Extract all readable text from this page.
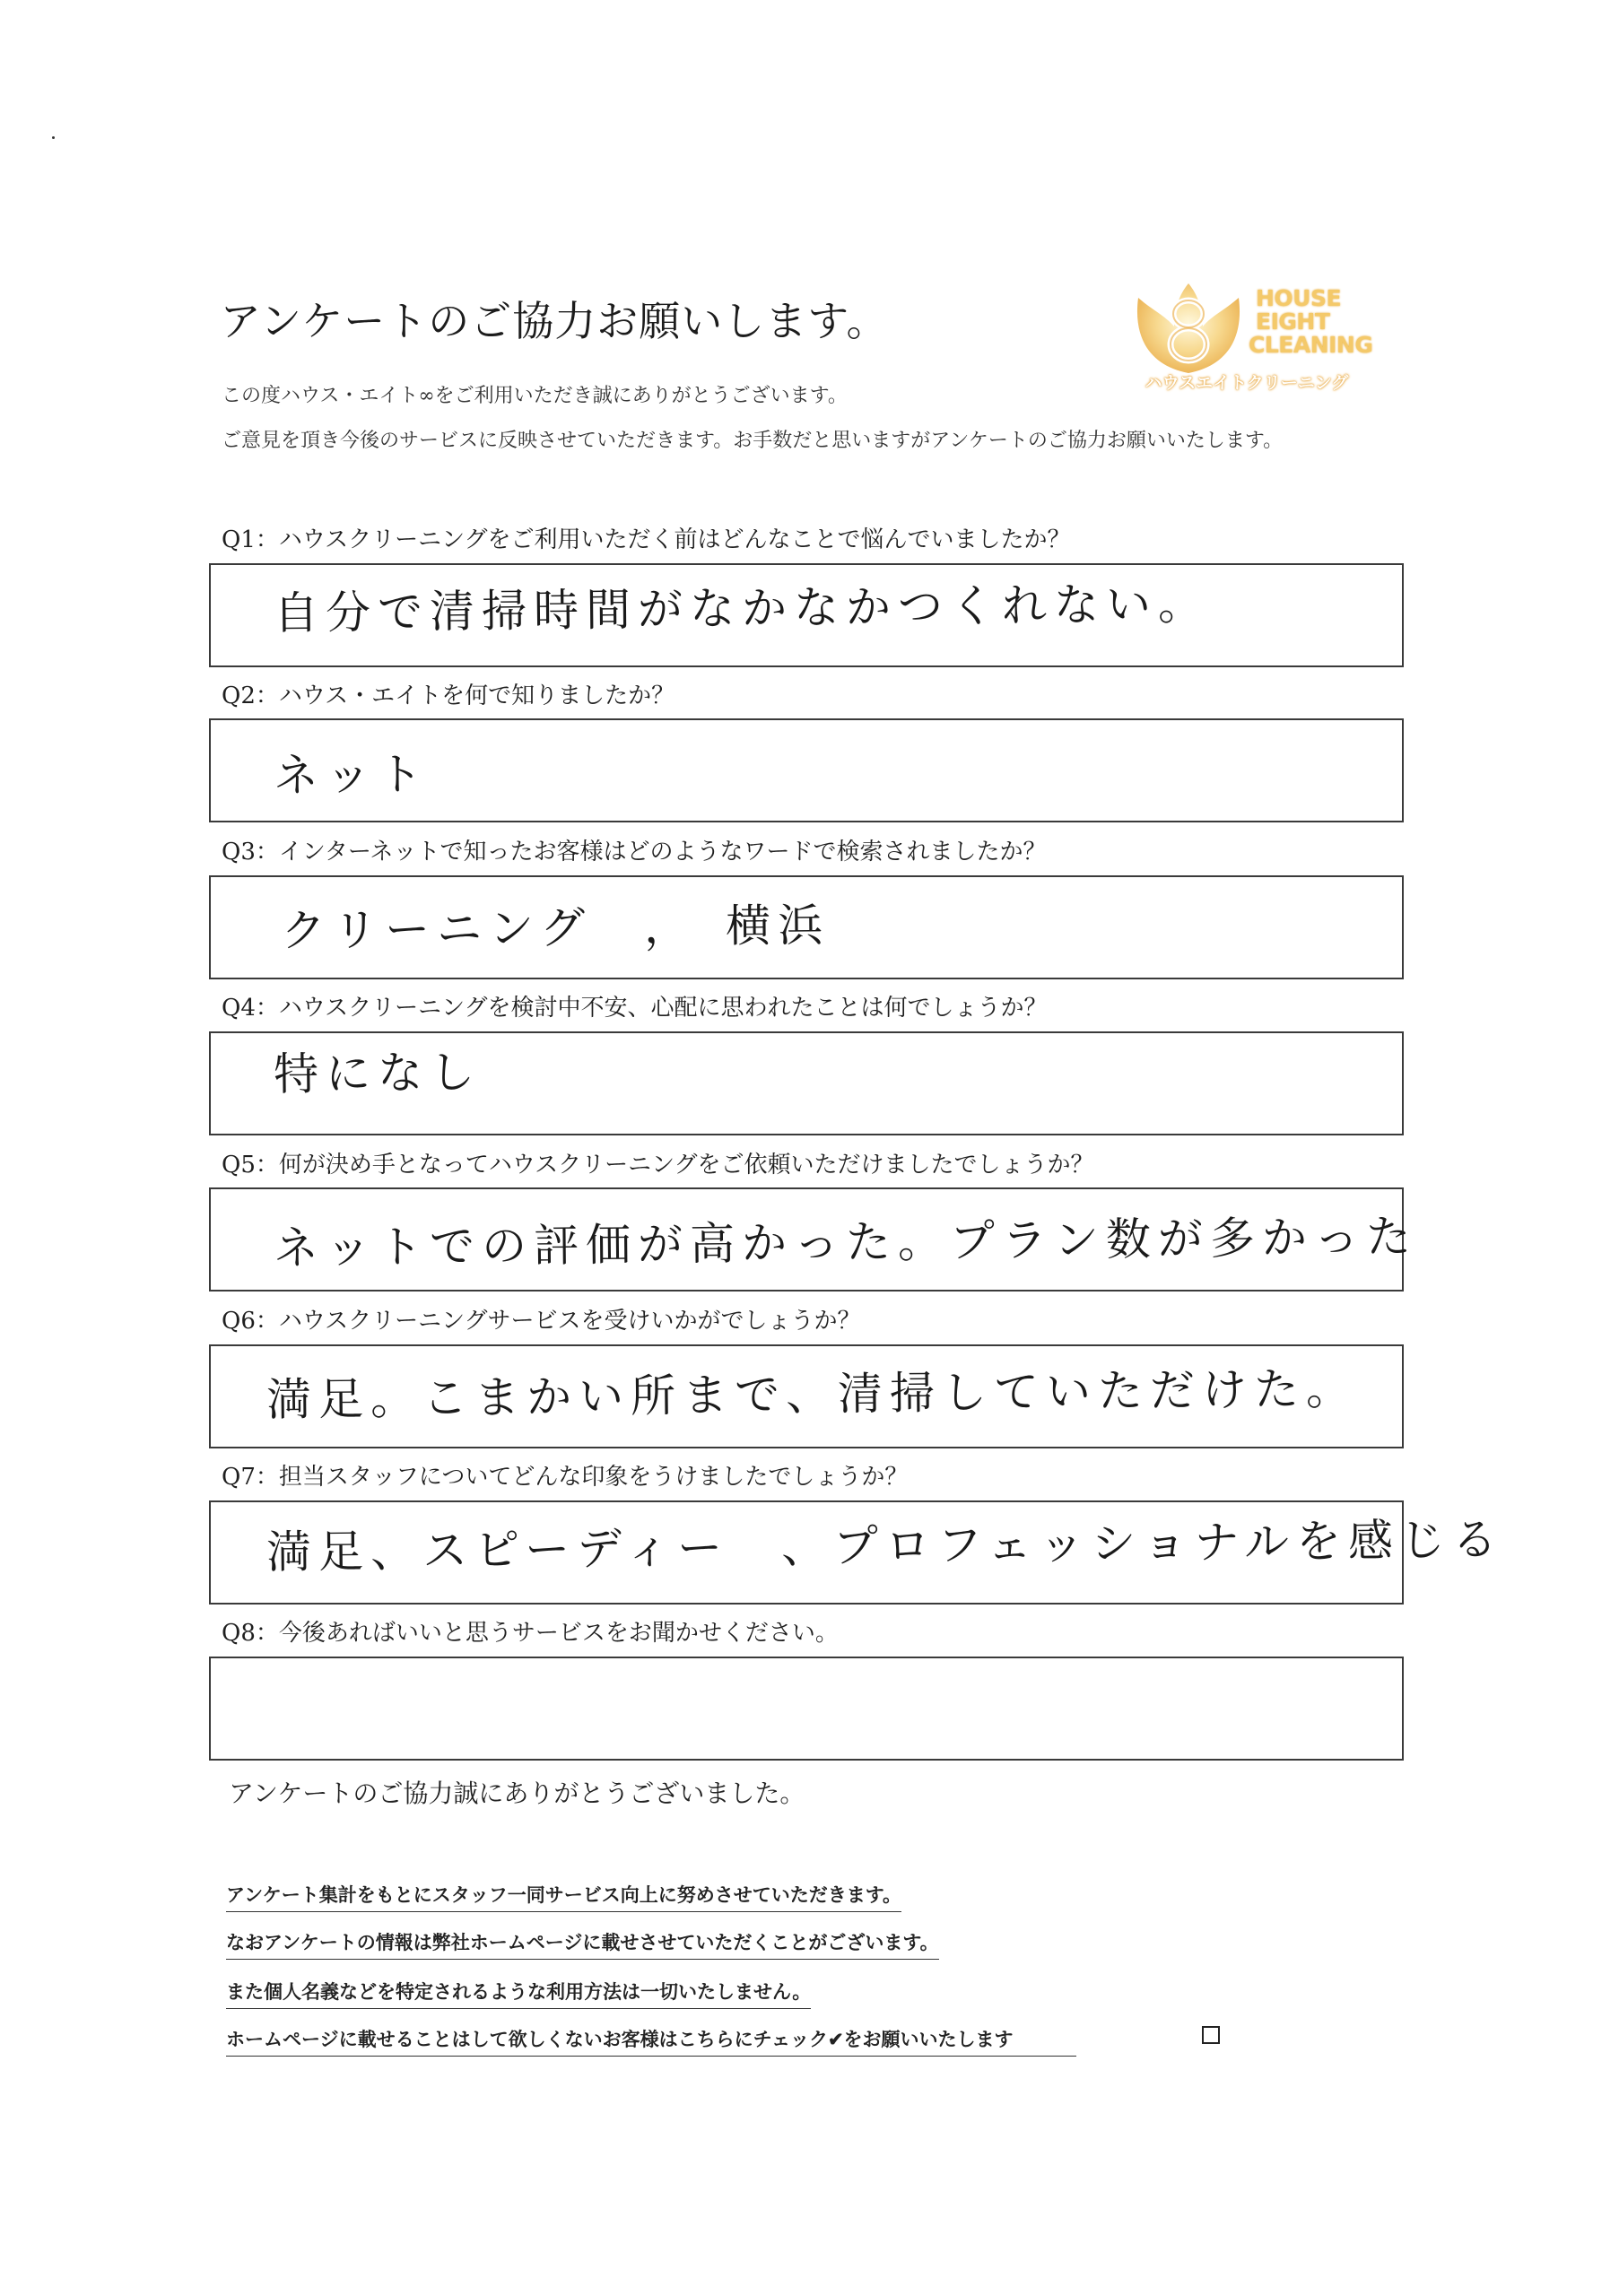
アンケートのご協力お願いします。
この度ハウス・エイト∞をご利用いただき誠にありがとうございます。
ご意見を頂き今後のサービスに反映させていただきます。お手数だと思いますがアンケートのご協力お願いいたします。
HOUSE
EIGHT
CLEANING
ハウスエイトクリーニング
Q1：ハウスクリーニングをご利用いただく前はどんなことで悩んでいましたか？
自分で清掃時間がなかなかつくれない。
Q2：ハウス・エイトを何で知りましたか？
ネット
Q3：インターネットで知ったお客様はどのようなワードで検索されましたか？
クリーニング　，　横浜
Q4：ハウスクリーニングを検討中不安、心配に思われたことは何でしょうか？
特になし
Q5：何が決め手となってハウスクリーニングをご依頼いただけましたでしょうか？
ネットでの評価が高かった。プラン数が多かった
Q6：ハウスクリーニングサービスを受けいかがでしょうか？
満足。こまかい所まで、清掃していただけた。
Q7：担当スタッフについてどんな印象をうけましたでしょうか？
満足、スピーディー　、プロフェッショナルを感じる
Q8：今後あればいいと思うサービスをお聞かせください。
アンケートのご協力誠にありがとうございました。
アンケート集計をもとにスタッフ一同サービス向上に努めさせていただきます。
なおアンケートの情報は弊社ホームページに載せさせていただくことがございます。
また個人名義などを特定されるような利用方法は一切いたしません。
ホームページに載せることはして欲しくないお客様はこちらにチェック✔をお願いいたします
